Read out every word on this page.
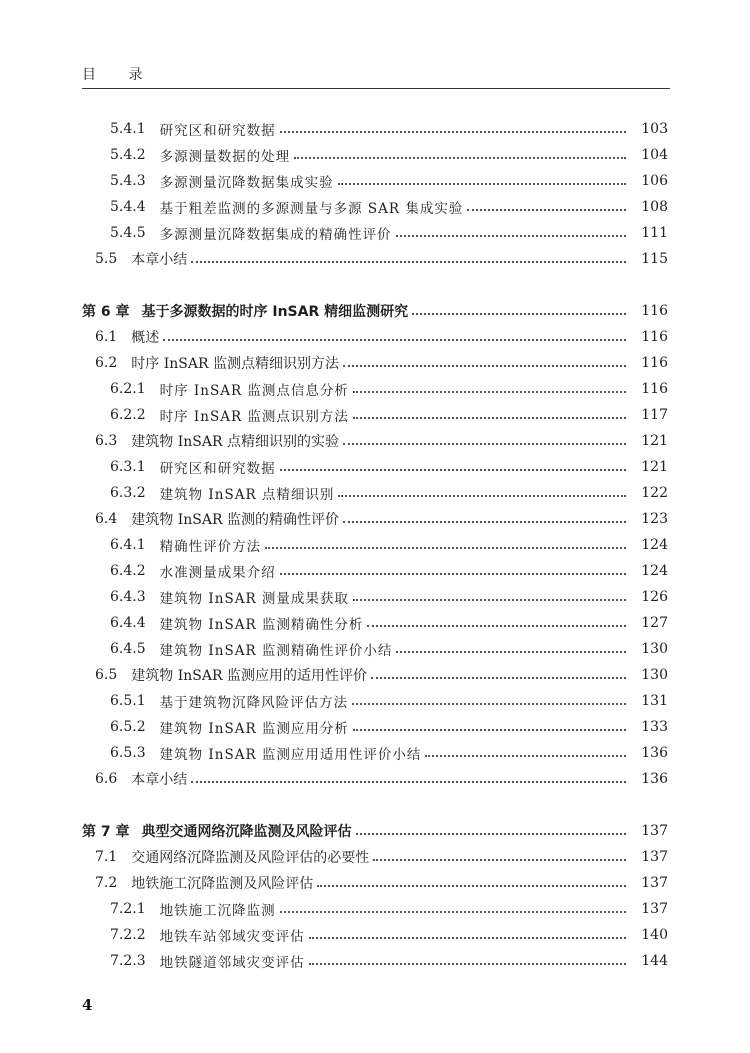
目 录
5.4.1 研究区和研究数据	103
5.4.2 多源测量数据的处理	104
5.4.3 多源测量沉降数据集成实验	106
5.4.4 基于粗差监测的多源测量与多源 SAR 集成实验	108
5.4.5 多源测量沉降数据集成的精确性评价	111
5.5 本章小结	115
第 6 章 基于多源数据的时序 InSAR 精细监测研究	116
6.1 概述	116
6.2 时序 InSAR 监测点精细识别方法	116
6.2.1 时序 InSAR 监测点信息分析	116
6.2.2 时序 InSAR 监测点识别方法	117
6.3 建筑物 InSAR 点精细识别的实验	121
6.3.1 研究区和研究数据	121
6.3.2 建筑物 InSAR 点精细识别	122
6.4 建筑物 InSAR 监测的精确性评价	123
6.4.1 精确性评价方法	124
6.4.2 水准测量成果介绍	124
6.4.3 建筑物 InSAR 测量成果获取	126
6.4.4 建筑物 InSAR 监测精确性分析	127
6.4.5 建筑物 InSAR 监测精确性评价小结	130
6.5 建筑物 InSAR 监测应用的适用性评价	130
6.5.1 基于建筑物沉降风险评估方法	131
6.5.2 建筑物 InSAR 监测应用分析	133
6.5.3 建筑物 InSAR 监测应用适用性评价小结	136
6.6 本章小结	136
第 7 章 典型交通网络沉降监测及风险评估	137
7.1 交通网络沉降监测及风险评估的必要性	137
7.2 地铁施工沉降监测及风险评估	137
7.2.1 地铁施工沉降监测	137
7.2.2 地铁车站邻域灾变评估	140
7.2.3 地铁隧道邻域灾变评估	144
4
